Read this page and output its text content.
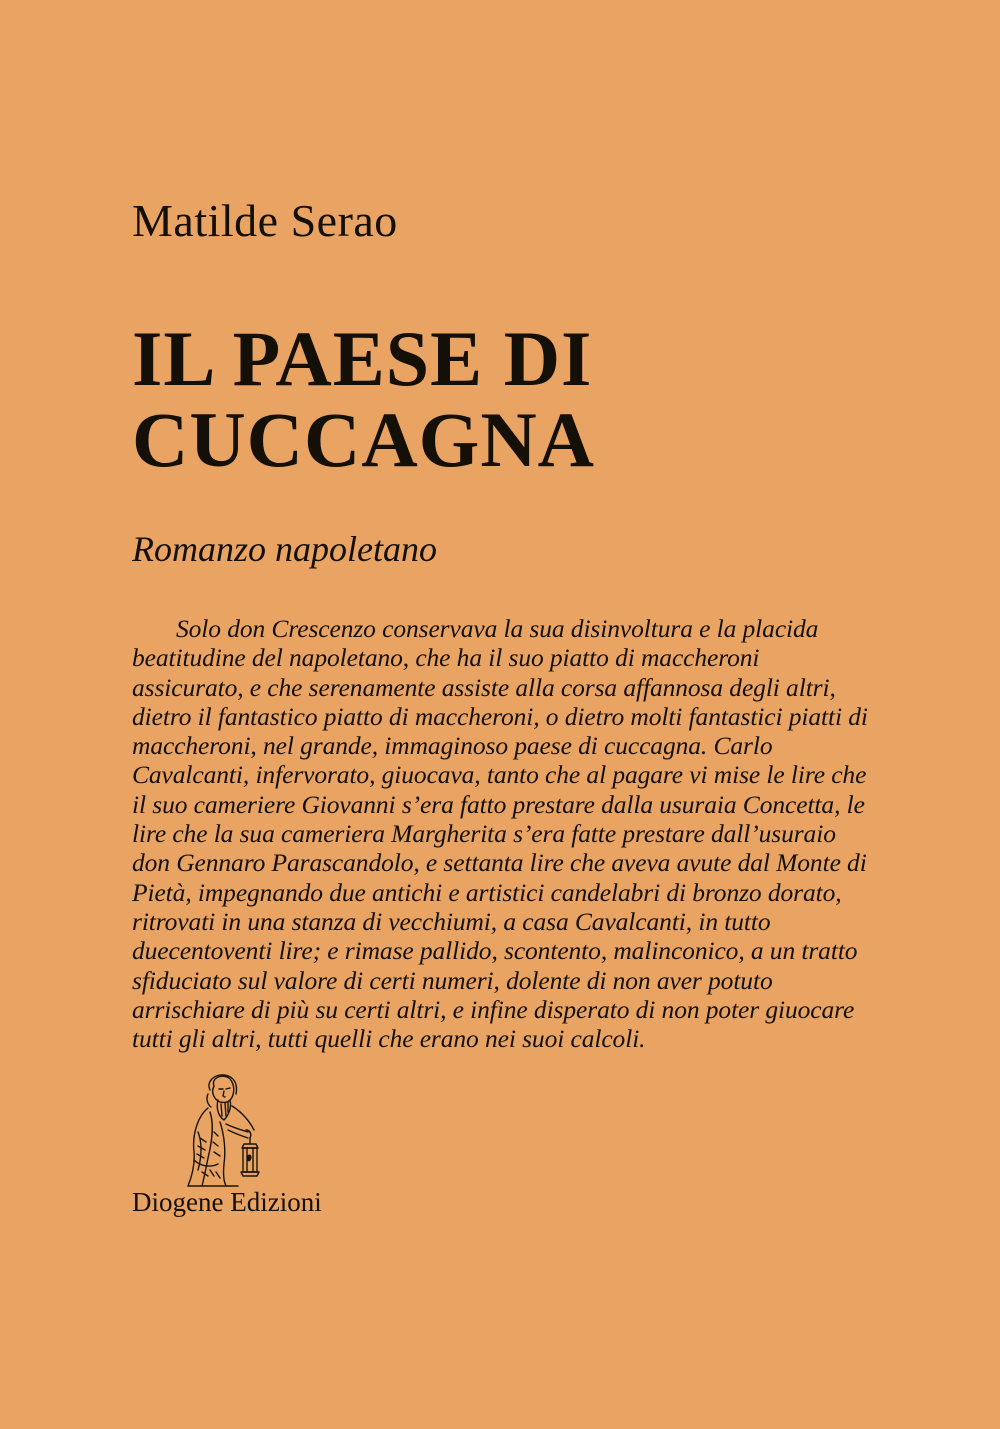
Matilde Serao
IL PAESE DI
CUCCAGNA
Romanzo napoletano

Solo don Crescenzo conservava la sua disinvoltura e la placida beatitudine del napoletano, che ha il suo piatto di maccheroni assicurato, e che serenamente assiste alla corsa affannosa degli altri, dietro il fantastico piatto di maccheroni, o dietro molti fantastici piatti di maccheroni, nel grande, immaginoso paese di cuccagna. Carlo Cavalcanti, infervorato, giuocava, tanto che al pagare vi mise le lire che il suo cameriere Giovanni s’era fatto prestare dalla usuraia Concetta, le lire che la sua cameriera Margherita s’era fatte prestare dall’usuraio don Gennaro Parascandolo, e settanta lire che aveva avute dal Monte di Pietà, impegnando due antichi e artistici candelabri di bronzo dorato, ritrovati in una stanza di vecchiumi, a casa Cavalcanti, in tutto duecentoventi lire; e rimase pallido, scontento, malinconico, a un tratto sfiduciato sul valore di certi numeri, dolente di non aver potuto arrischiare di più su certi altri, e infine disperato di non poter giuocare tutti gli altri, tutti quelli che erano nei suoi calcoli.

Diogene Edizioni
